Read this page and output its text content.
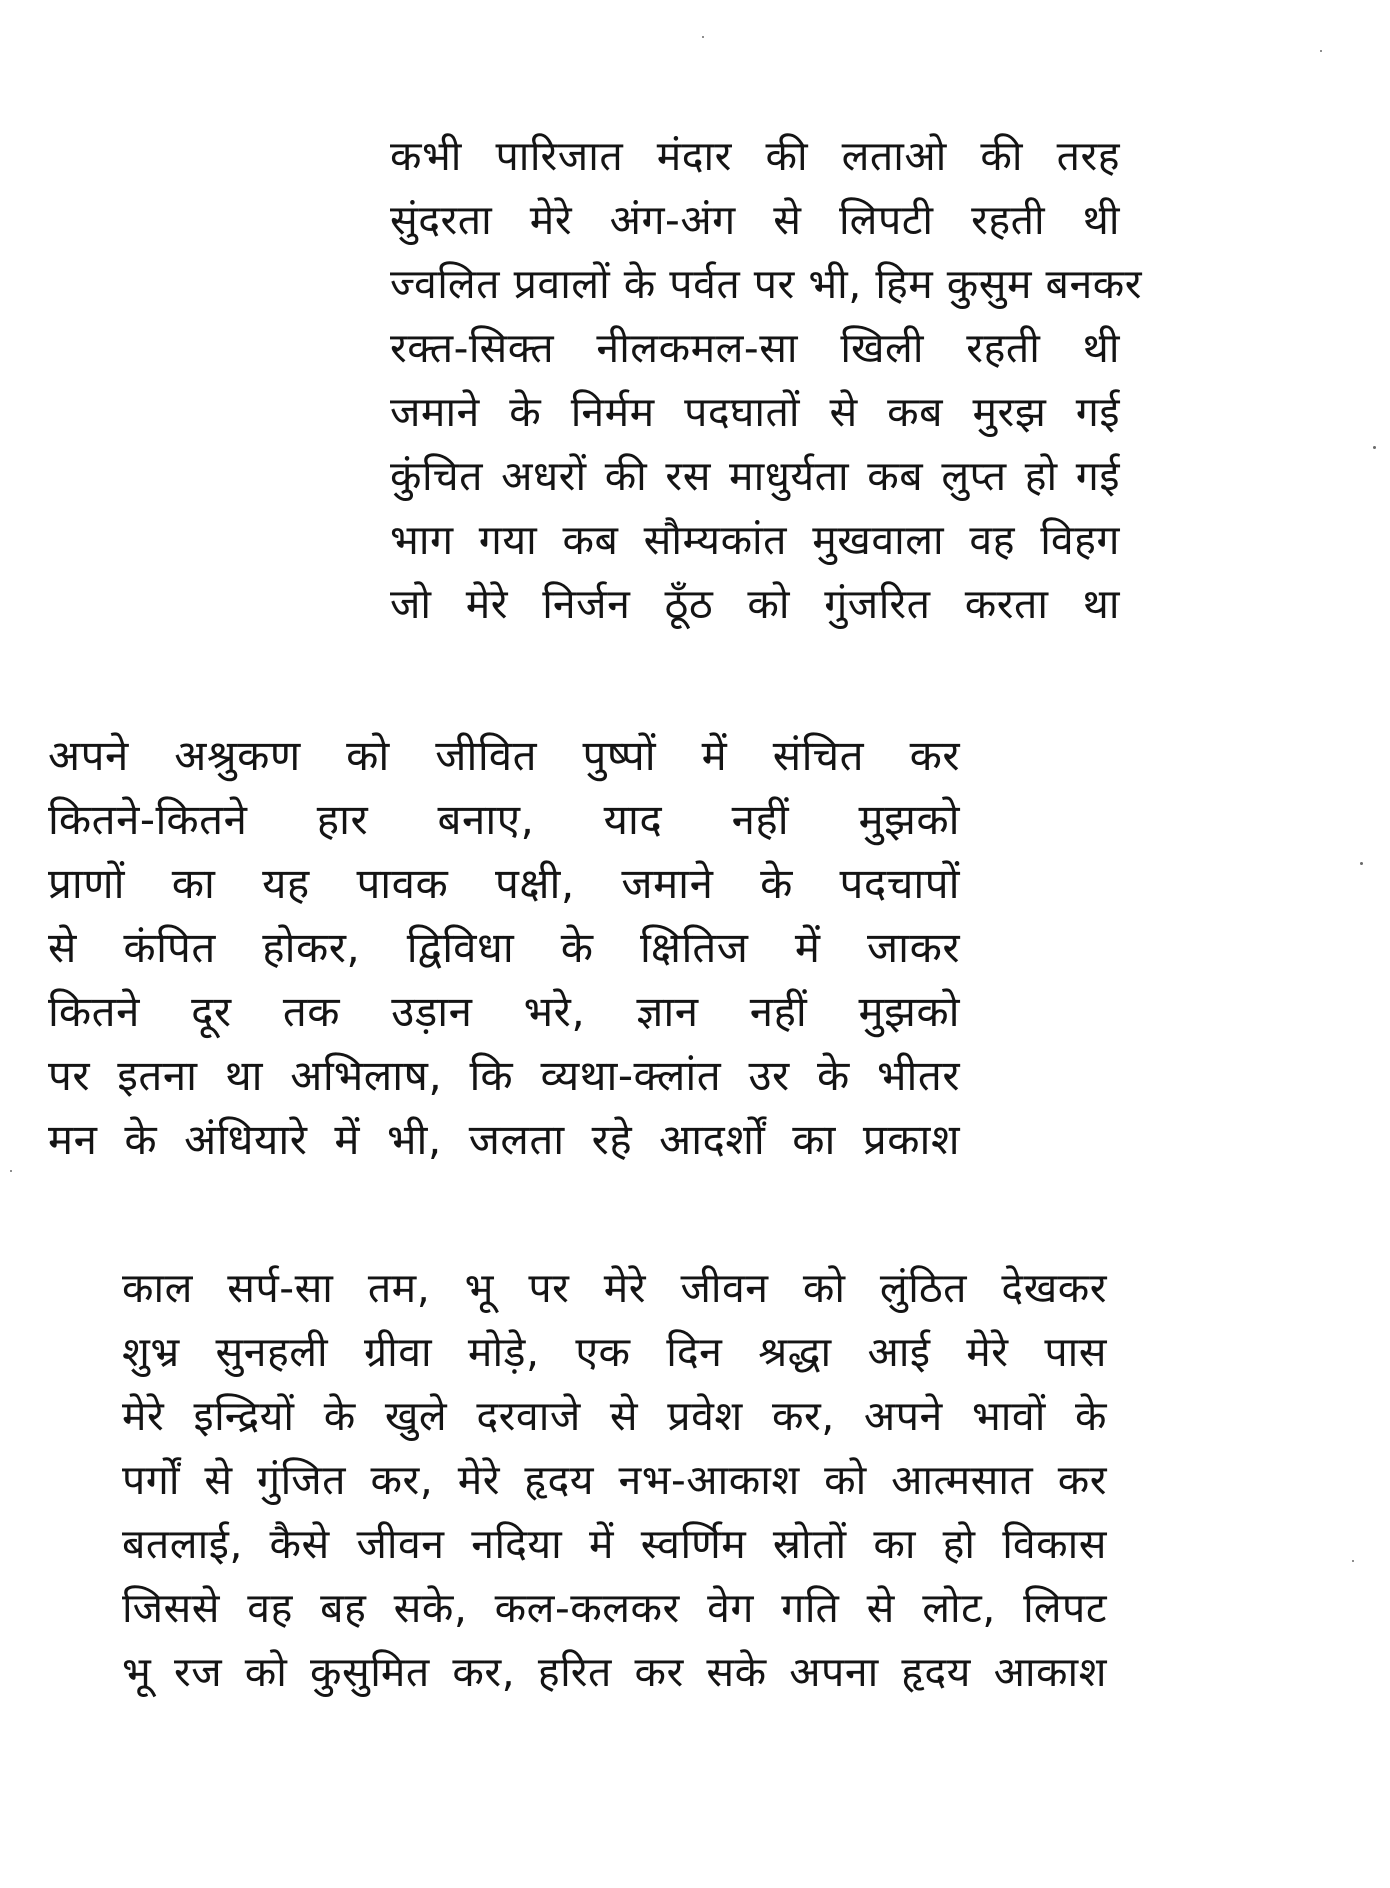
कभी पारिजात मंदार की लताओ की तरह
सुंदरता मेरे अंग-अंग से लिपटी रहती थी
ज्वलित प्रवालों के पर्वत पर भी, हिम कुसुम बनकर
रक्त-सिक्त नीलकमल-सा खिली रहती थी
जमाने के निर्मम पदघातों से कब मुरझ गई
कुंचित अधरों की रस माधुर्यता कब लुप्त हो गई
भाग गया कब सौम्यकांत मुखवाला वह विहग
जो मेरे निर्जन ठूँठ को गुंजरित करता था
अपने अश्रुकण को जीवित पुष्पों में संचित कर
कितने-कितने हार बनाए, याद नहीं मुझको
प्राणों का यह पावक पक्षी, जमाने के पदचापों
से कंपित होकर, द्विविधा के क्षितिज में जाकर
कितने दूर तक उड़ान भरे, ज्ञान नहीं मुझको
पर इतना था अभिलाष, कि व्यथा-क्लांत उर के भीतर
मन के अंधियारे में भी, जलता रहे आदर्शों का प्रकाश
काल सर्प-सा तम, भू पर मेरे जीवन को लुंठित देखकर
शुभ्र सुनहली ग्रीवा मोड़े, एक दिन श्रद्धा आई मेरे पास
मेरे इन्द्रियों के खुले दरवाजे से प्रवेश कर, अपने भावों के
पर्गों से गुंजित कर, मेरे हृदय नभ-आकाश को आत्मसात कर
बतलाई, कैसे जीवन नदिया में स्वर्णिम स्रोतों का हो विकास
जिससे वह बह सके, कल-कलकर वेग गति से लोट, लिपट
भू रज को कुसुमित कर, हरित कर सके अपना हृदय आकाश
